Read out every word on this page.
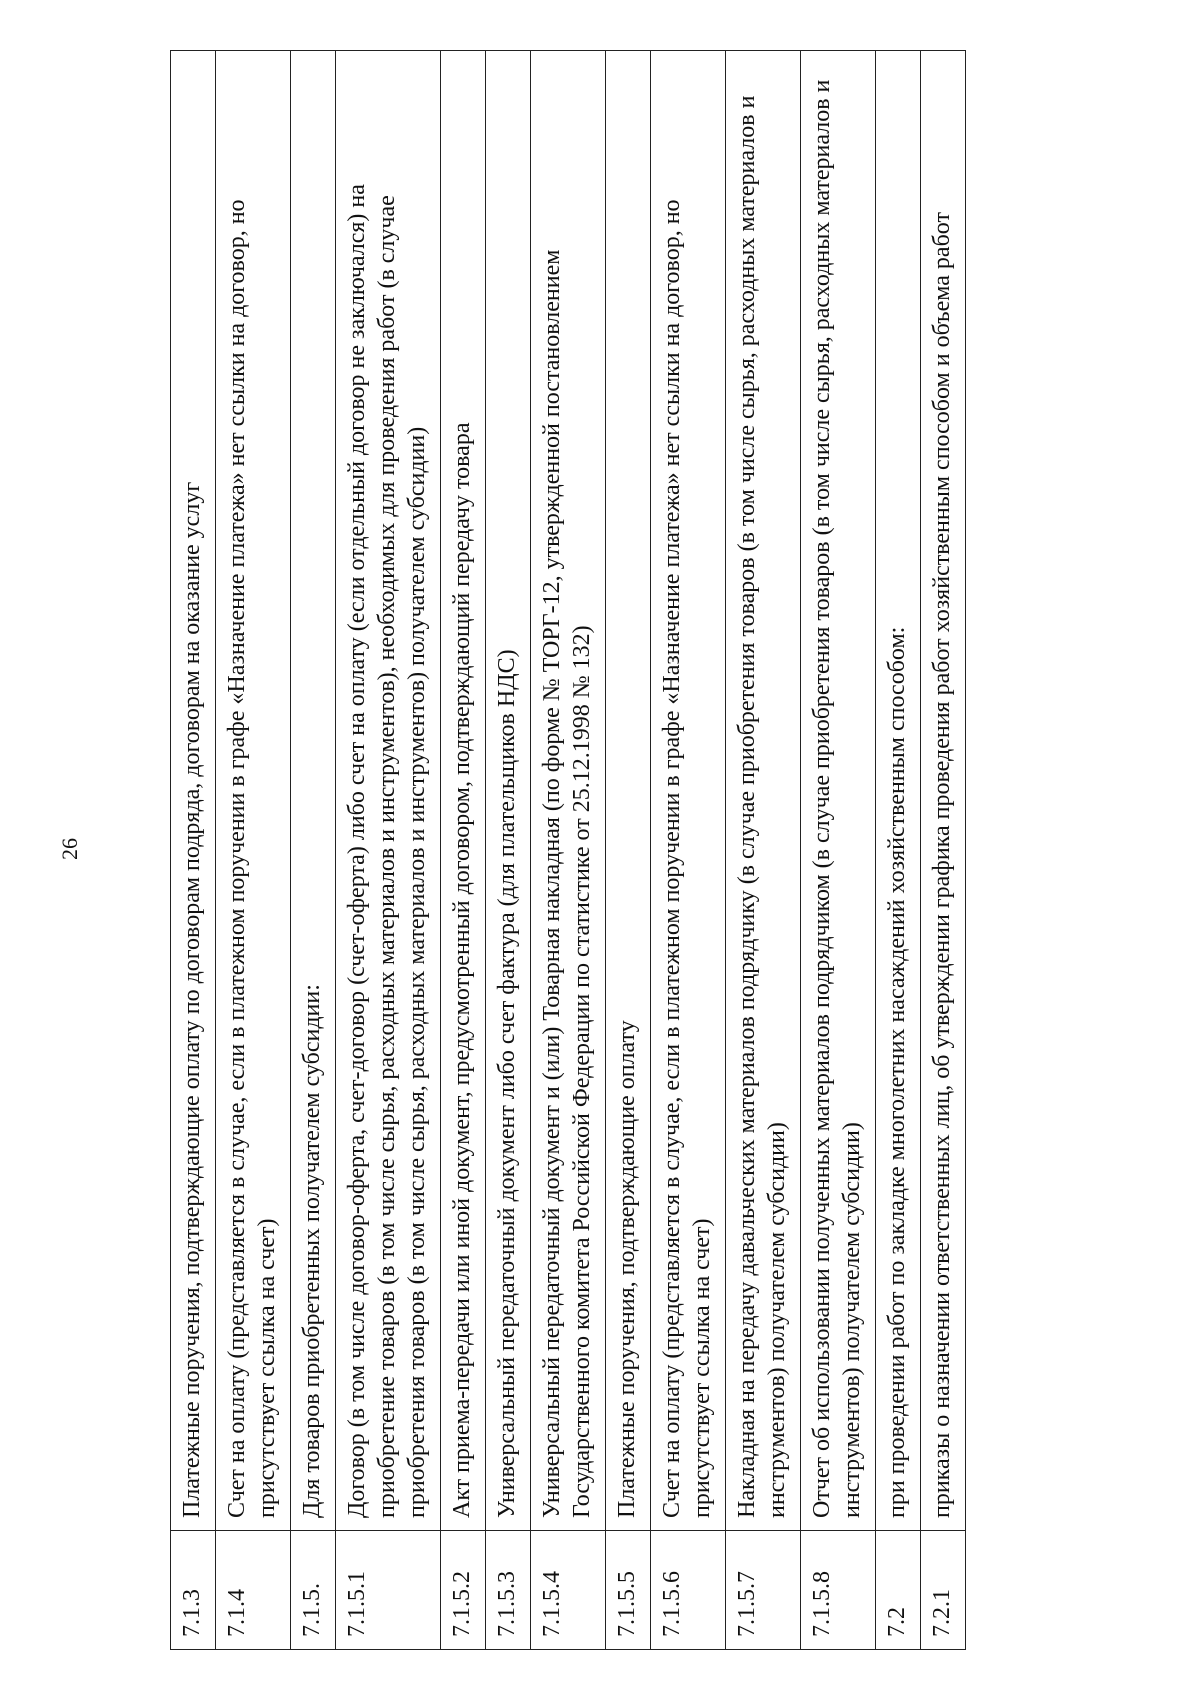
26
7.1.3	Платежные поручения, подтверждающие оплату по договорам подряда, договорам на оказание услуг
7.1.4	Счет на оплату (представляется в случае, если в платежном поручении в графе «Назначение платежа» нет ссылки на договор, но присутствует ссылка на счет)
7.1.5.	Для товаров приобретенных получателем субсидии:
7.1.5.1	Договор (в том числе договор-оферта, счет-договор (счет-оферта) либо счет на оплату (если отдельный договор не заключался) на приобретение товаров (в том числе сырья, расходных материалов и инструментов), необходимых для проведения работ (в случае приобретения товаров (в том числе сырья, расходных материалов и инструментов) получателем субсидии)
7.1.5.2	Акт приема-передачи или иной документ, предусмотренный договором, подтверждающий передачу товара
7.1.5.3	Универсальный передаточный документ либо счет фактура (для плательщиков НДС)
7.1.5.4	Универсальный передаточный документ и (или) Товарная накладная (по форме № ТОРГ-12, утвержденной постановлением Государственного комитета Российской Федерации по статистике от 25.12.1998 № 132)
7.1.5.5	Платежные поручения, подтверждающие оплату
7.1.5.6	Счет на оплату (представляется в случае, если в платежном поручении в графе «Назначение платежа» нет ссылки на договор, но присутствует ссылка на счет)
7.1.5.7	Накладная на передачу давальческих материалов подрядчику (в случае приобретения товаров (в том числе сырья, расходных материалов и инструментов) получателем субсидии)
7.1.5.8	Отчет об использовании полученных материалов подрядчиком (в случае приобретения товаров (в том числе сырья, расходных материалов и инструментов) получателем субсидии)
7.2	при проведении работ по закладке многолетних насаждений хозяйственным способом:
7.2.1	приказы о назначении ответственных лиц, об утверждении графика проведения работ хозяйственным способом и объема работ
